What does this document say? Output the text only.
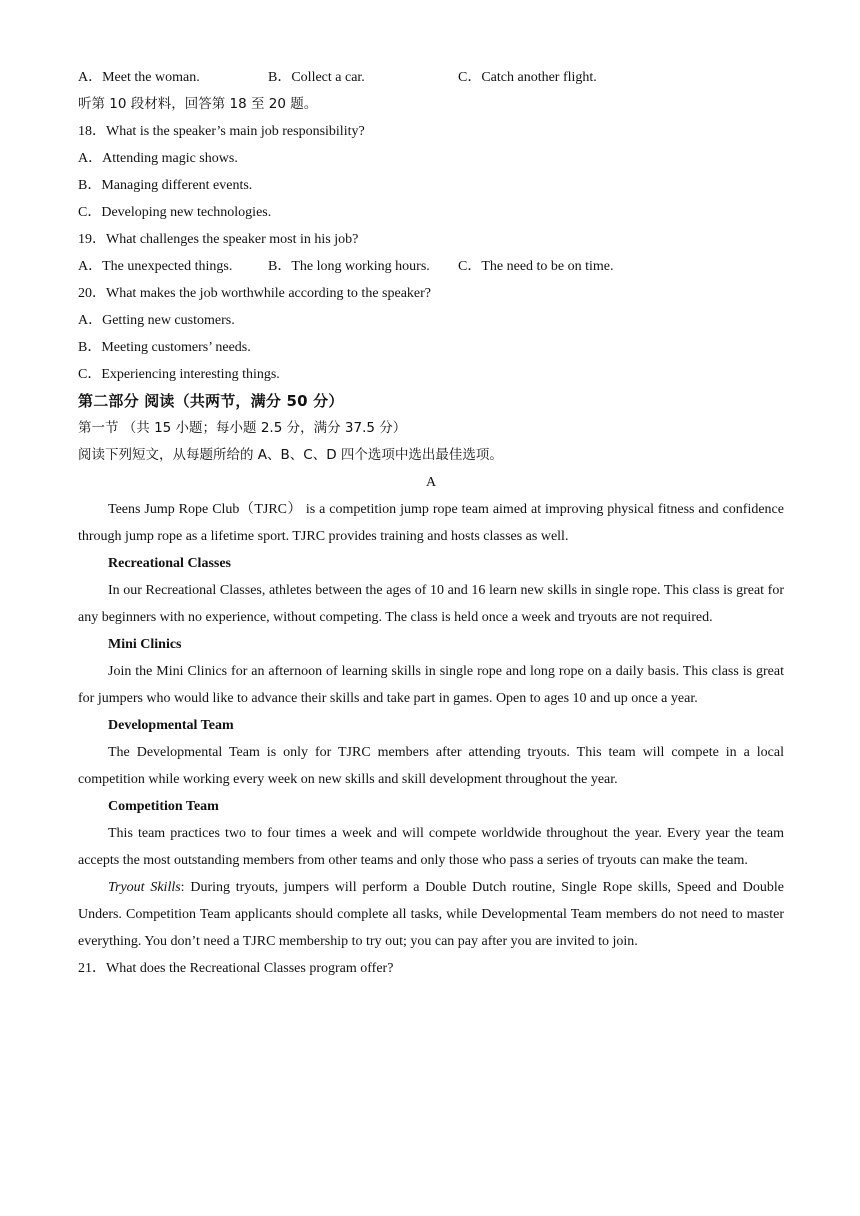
A．Meet the woman.	B．Collect a car.	C．Catch another flight.
听第 10 段材料，回答第 18 至 20 题。
18．What is the speaker’s main job responsibility?
A．Attending magic shows.
B．Managing different events.
C．Developing new technologies.
19．What challenges the speaker most in his job?
A．The unexpected things.	B．The long working hours. C．The need to be on time.
20．What makes the job worthwhile according to the speaker?
A．Getting new customers.
B．Meeting customers’ needs.
C．Experiencing interesting things.
第二部分 阅读（共两节，满分 50 分）
第一节 （共 15 小题；每小题 2.5 分，满分 37.5 分）
阅读下列短文，从每题所给的 A、B、C、D 四个选项中选出最佳选项。
A

Teens Jump Rope Club（TJRC） is a competition jump rope team aimed at improving physical fitness and confidence through jump rope as a lifetime sport. TJRC provides training and hosts classes as well.

Recreational Classes

In our Recreational Classes, athletes between the ages of 10 and 16 learn new skills in single rope. This class is great for any beginners with no experience, without competing. The class is held once a week and tryouts are not required.

Mini Clinics

Join the Mini Clinics for an afternoon of learning skills in single rope and long rope on a daily basis. This class is great for jumpers who would like to advance their skills and take part in games. Open to ages 10 and up once a year.

Developmental Team

The Developmental Team is only for TJRC members after attending tryouts. This team will compete in a local competition while working every week on new skills and skill development throughout the year.

Competition Team

This team practices two to four times a week and will compete worldwide throughout the year. Every year the team accepts the most outstanding members from other teams and only those who pass a series of tryouts can make the team.

Tryout Skills: During tryouts, jumpers will perform a Double Dutch routine, Single Rope skills, Speed and Double Unders. Competition Team applicants should complete all tasks, while Developmental Team members do not need to master everything. You don’t need a TJRC membership to try out; you can pay after you are invited to join.

21．What does the Recreational Classes program offer?
